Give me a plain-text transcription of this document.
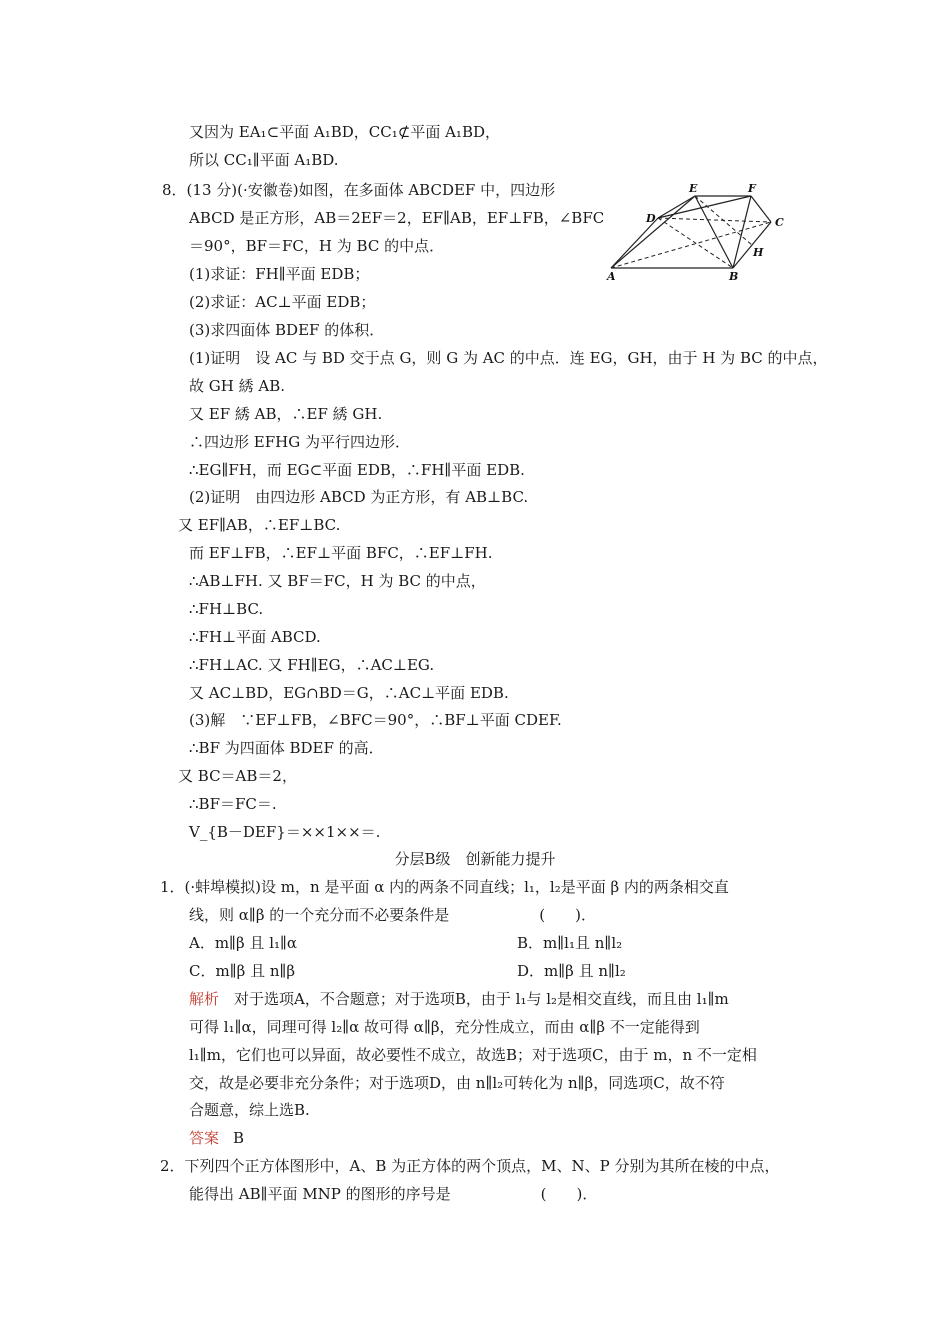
又因为 EA₁⊂平面 A₁BD，CC₁⊄平面 A₁BD，
所以 CC₁∥平面 A₁BD.
8．(13 分)(·安徽卷)如图，在多面体 ABCDEF 中，四边形
ABCD 是正方形，AB＝2EF＝2，EF∥AB，EF⊥FB，∠BFC
＝90°，BF＝FC，H 为 BC 的中点．
(1)求证：FH∥平面 EDB；
(2)求证：AC⊥平面 EDB；
(3)求四面体 BDEF 的体积．
E	F
D	C
H
A	B
(1)证明　设 AC 与 BD 交于点 G，则 G 为 AC 的中点．连 EG，GH，由于 H 为 BC 的中点，
故 GH 綉 AB.
又 EF 綉 AB，∴EF 綉 GH.
∴四边形 EFHG 为平行四边形．
∴EG∥FH，而 EG⊂平面 EDB，∴FH∥平面 EDB.
(2)证明　由四边形 ABCD 为正方形，有 AB⊥BC.
又 EF∥AB，∴EF⊥BC.
而 EF⊥FB，∴EF⊥平面 BFC，∴EF⊥FH.
∴AB⊥FH. 又 BF＝FC，H 为 BC 的中点，
∴FH⊥BC.
∴FH⊥平面 ABCD.
∴FH⊥AC. 又 FH∥EG，∴AC⊥EG.
又 AC⊥BD，EG∩BD＝G，∴AC⊥平面 EDB.
(3)解　∵EF⊥FB，∠BFC＝90°，∴BF⊥平面 CDEF.
∴BF 为四面体 BDEF 的高．
又 BC＝AB＝2，
∴BF＝FC＝.
V_{B－DEF}＝××1××＝.
分层B级　创新能力提升
1．(·蚌埠模拟)设 m，n 是平面 α 内的两条不同直线；l₁，l₂是平面 β 内的两条相交直
线，则 α∥β 的一个充分而不必要条件是　　　　　　(　　)．
A．m∥β 且 l₁∥α	B．m∥l₁且 n∥l₂
C．m∥β 且 n∥β	D．m∥β 且 n∥l₂
解析　对于选项A，不合题意；对于选项B，由于 l₁与 l₂是相交直线，而且由 l₁∥m
可得 l₁∥α，同理可得 l₂∥α 故可得 α∥β，充分性成立，而由 α∥β 不一定能得到
l₁∥m，它们也可以异面，故必要性不成立，故选B；对于选项C，由于 m，n 不一定相
交，故是必要非充分条件；对于选项D，由 n∥l₂可转化为 n∥β，同选项C，故不符
合题意，综上选B.
答案 B
2．下列四个正方体图形中，A、B 为正方体的两个顶点，M、N、P 分别为其所在棱的中点，
能得出 AB∥平面 MNP 的图形的序号是　　　　　　(　　)．
